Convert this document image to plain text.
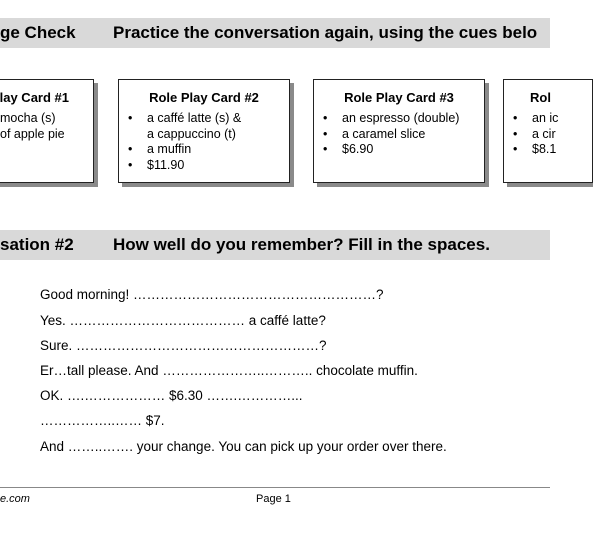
ge Check Practice the conversation again, using the cues belo
lay Card #1
mocha (s)
of apple pie
Role Play Card #2
• a caffé latte (s) &
a cappuccino (t)
• a muffin
• $11.90
Role Play Card #3
• an espresso (double)
• a caramel slice
• $6.90
Rol
• an ic
• a cir
• $8.1
sation #2 How well do you remember? Fill in the spaces.
Good morning! ………………………………………………?
Yes. ………………………………… a caffé latte?
Sure. ………………………………………………?
Er…tall please. And …………………..……….. chocolate muffin.
OK. ….……………… $6.30 …….…………...
……………..…… $7.
And ……..……. your change. You can pick up your order over there.
e.com	Page 1
